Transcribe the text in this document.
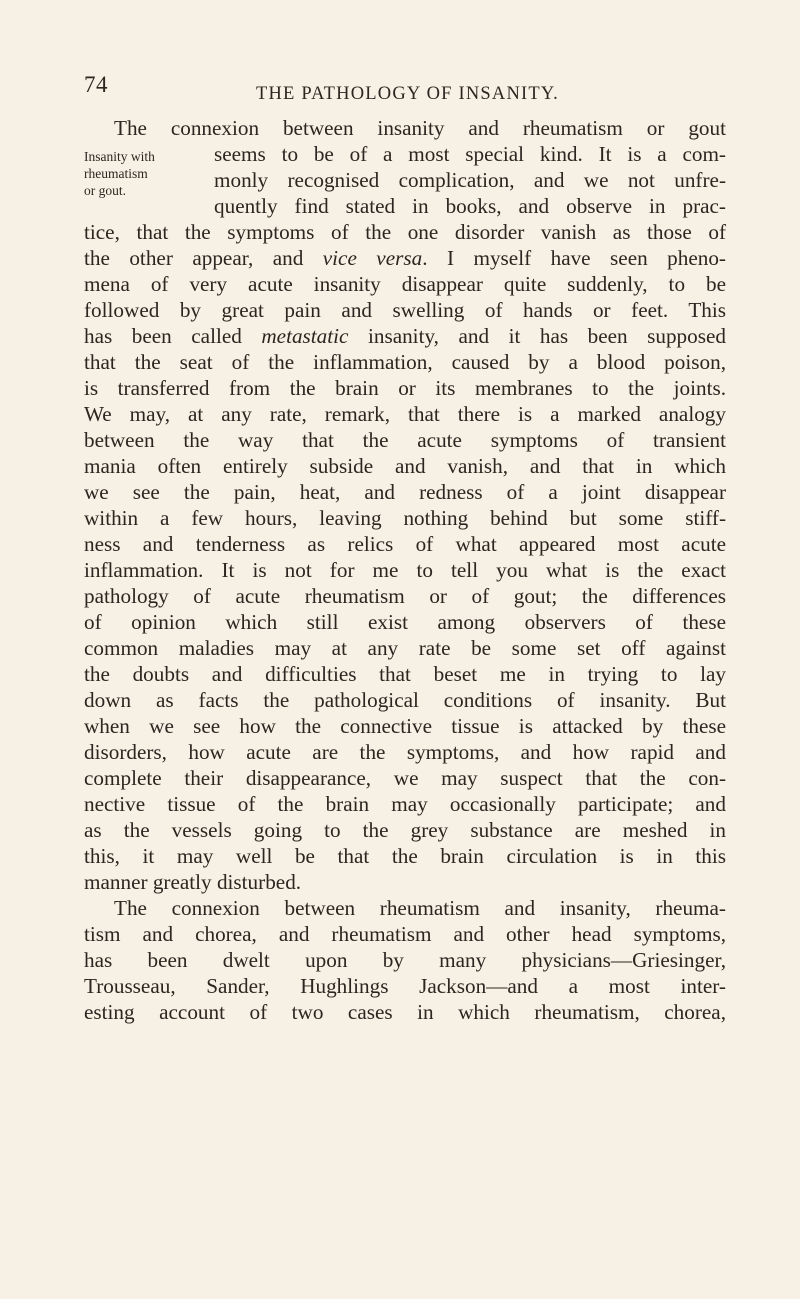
74	THE PATHOLOGY OF INSANITY.
Insanity with
rheumatism
or gout.
The connexion between insanity and rheumatism or gout
seems to be of a most special kind. It is a com-
monly recognised complication, and we not unfre-
quently find stated in books, and observe in prac-
tice, that the symptoms of the one disorder vanish as those of
the other appear, and vice versa. I myself have seen pheno-
mena of very acute insanity disappear quite suddenly, to be
followed by great pain and swelling of hands or feet. This
has been called metastatic insanity, and it has been supposed
that the seat of the inflammation, caused by a blood poison,
is transferred from the brain or its membranes to the joints.
We may, at any rate, remark, that there is a marked analogy
between the way that the acute symptoms of transient
mania often entirely subside and vanish, and that in which
we see the pain, heat, and redness of a joint disappear
within a few hours, leaving nothing behind but some stiff-
ness and tenderness as relics of what appeared most acute
inflammation. It is not for me to tell you what is the exact
pathology of acute rheumatism or of gout; the differences
of opinion which still exist among observers of these
common maladies may at any rate be some set off against
the doubts and difficulties that beset me in trying to lay
down as facts the pathological conditions of insanity. But
when we see how the connective tissue is attacked by these
disorders, how acute are the symptoms, and how rapid and
complete their disappearance, we may suspect that the con-
nective tissue of the brain may occasionally participate; and
as the vessels going to the grey substance are meshed in
this, it may well be that the brain circulation is in this
manner greatly disturbed.
The connexion between rheumatism and insanity, rheuma-
tism and chorea, and rheumatism and other head symptoms,
has been dwelt upon by many physicians—Griesinger,
Trousseau, Sander, Hughlings Jackson—and a most inter-
esting account of two cases in which rheumatism, chorea,
